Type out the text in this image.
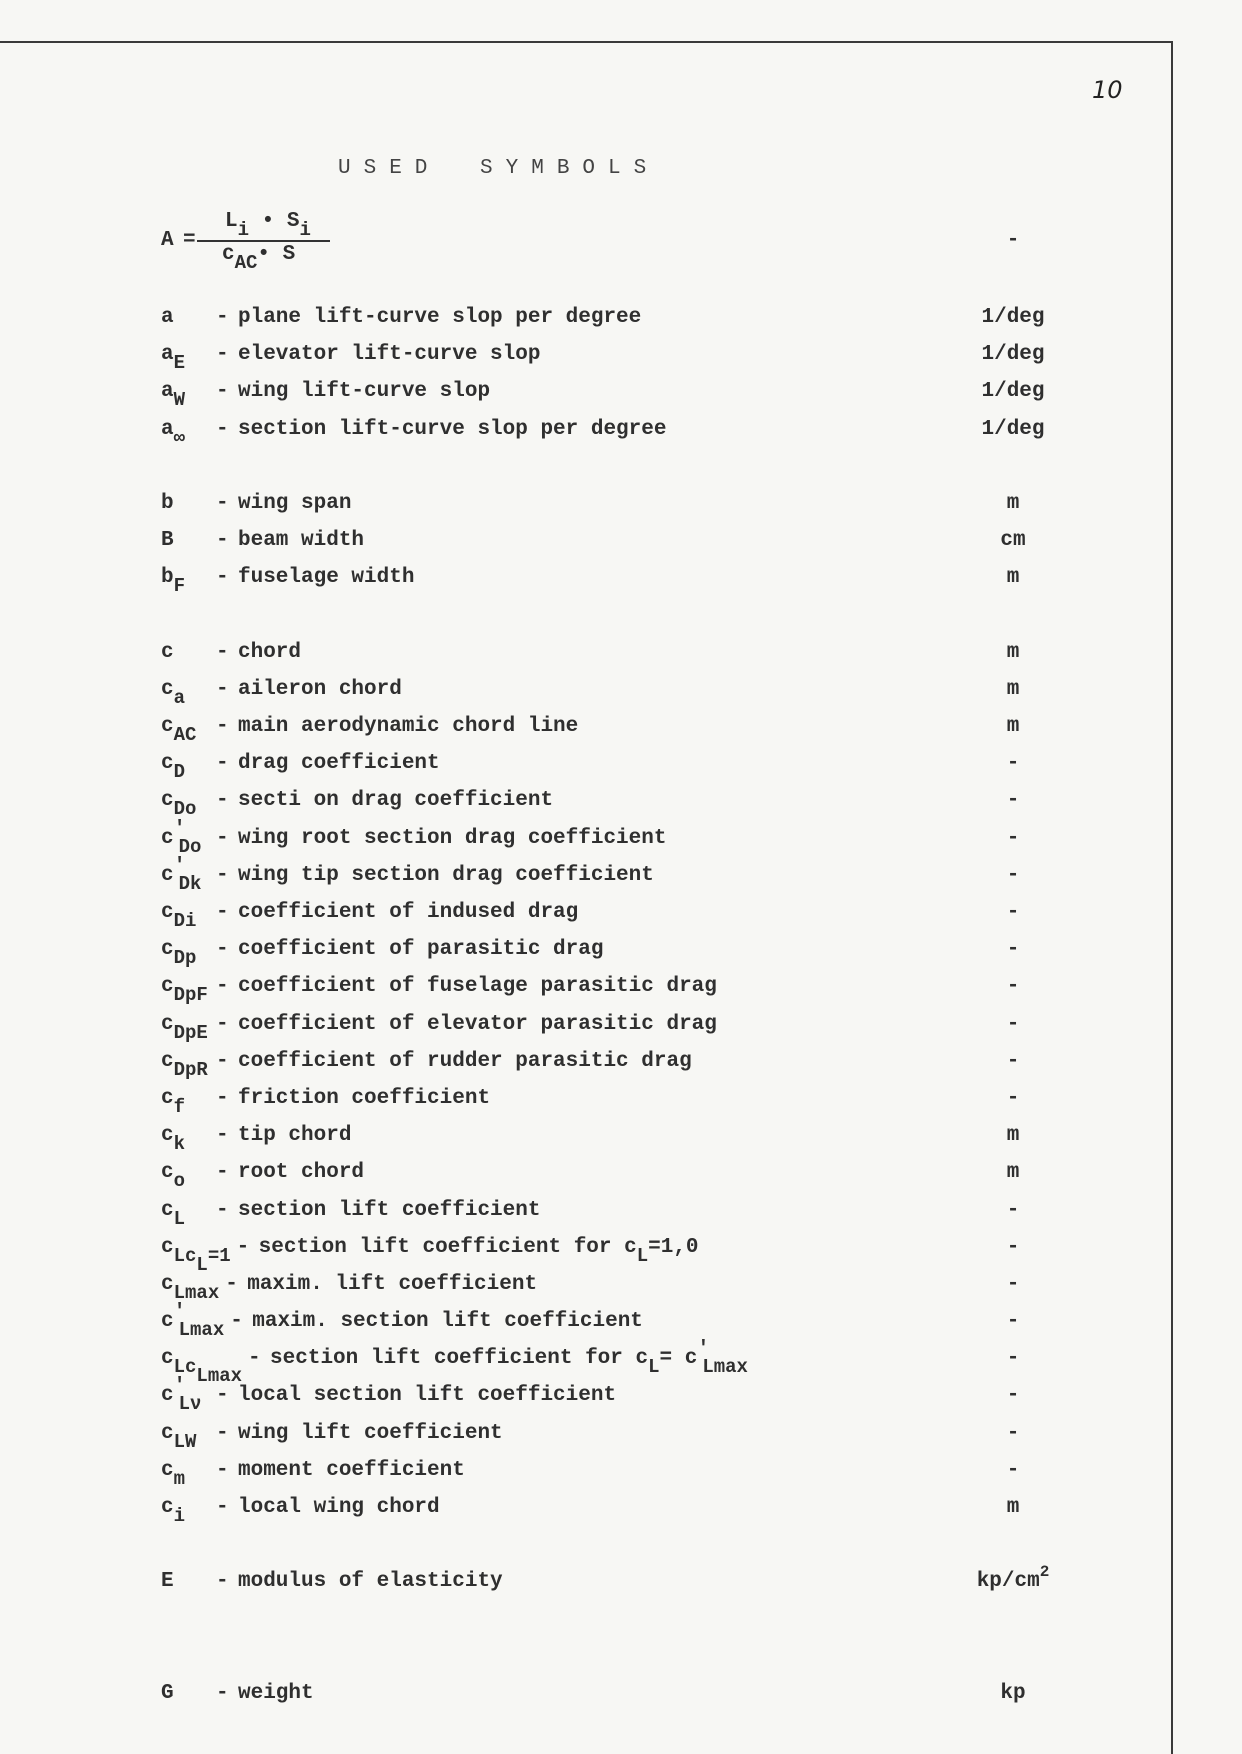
10
USED SYMBOLS
A =
Li • Si
cAC• S
-
a - plane lift-curve slop per degree	1/deg
aE - elevator lift-curve slop	1/deg
aW - wing lift-curve slop	1/deg
a∞ - section lift-curve slop per degree	1/deg
b - wing span	m
B - beam width	cm
bF - fuselage width	m
c - chord	m
ca - aileron chord	m
cAC - main aerodynamic chord line	m
cD - drag coefficient	-
cDo - secti on drag coefficient	-
c′Do - wing root section drag coefficient	-
c′Dk - wing tip section drag coefficient	-
cDi - coefficient of indused drag	-
cDp - coefficient of parasitic drag	-
cDpF - coefficient of fuselage parasitic drag	-
cDpE - coefficient of elevator parasitic drag	-
cDpR - coefficient of rudder parasitic drag	-
cf - friction coefficient	-
ck - tip chord	m
co - root chord	m
cL - section lift coefficient	-
cLcL=1 - section lift coefficient for cL=1,0	-
cLmax - maxim. lift coefficient	-
c′Lmax - maxim. section lift coefficient	-
cLcLmax- section lift coefficient for cL= c′Lmax	-
c′Lν - local section lift coefficient	-
cLW - wing lift coefficient	-
cm - moment coefficient	-
ci - local wing chord	m
E - modulus of elasticity	$kp/cm^2$
G - weight	kp
